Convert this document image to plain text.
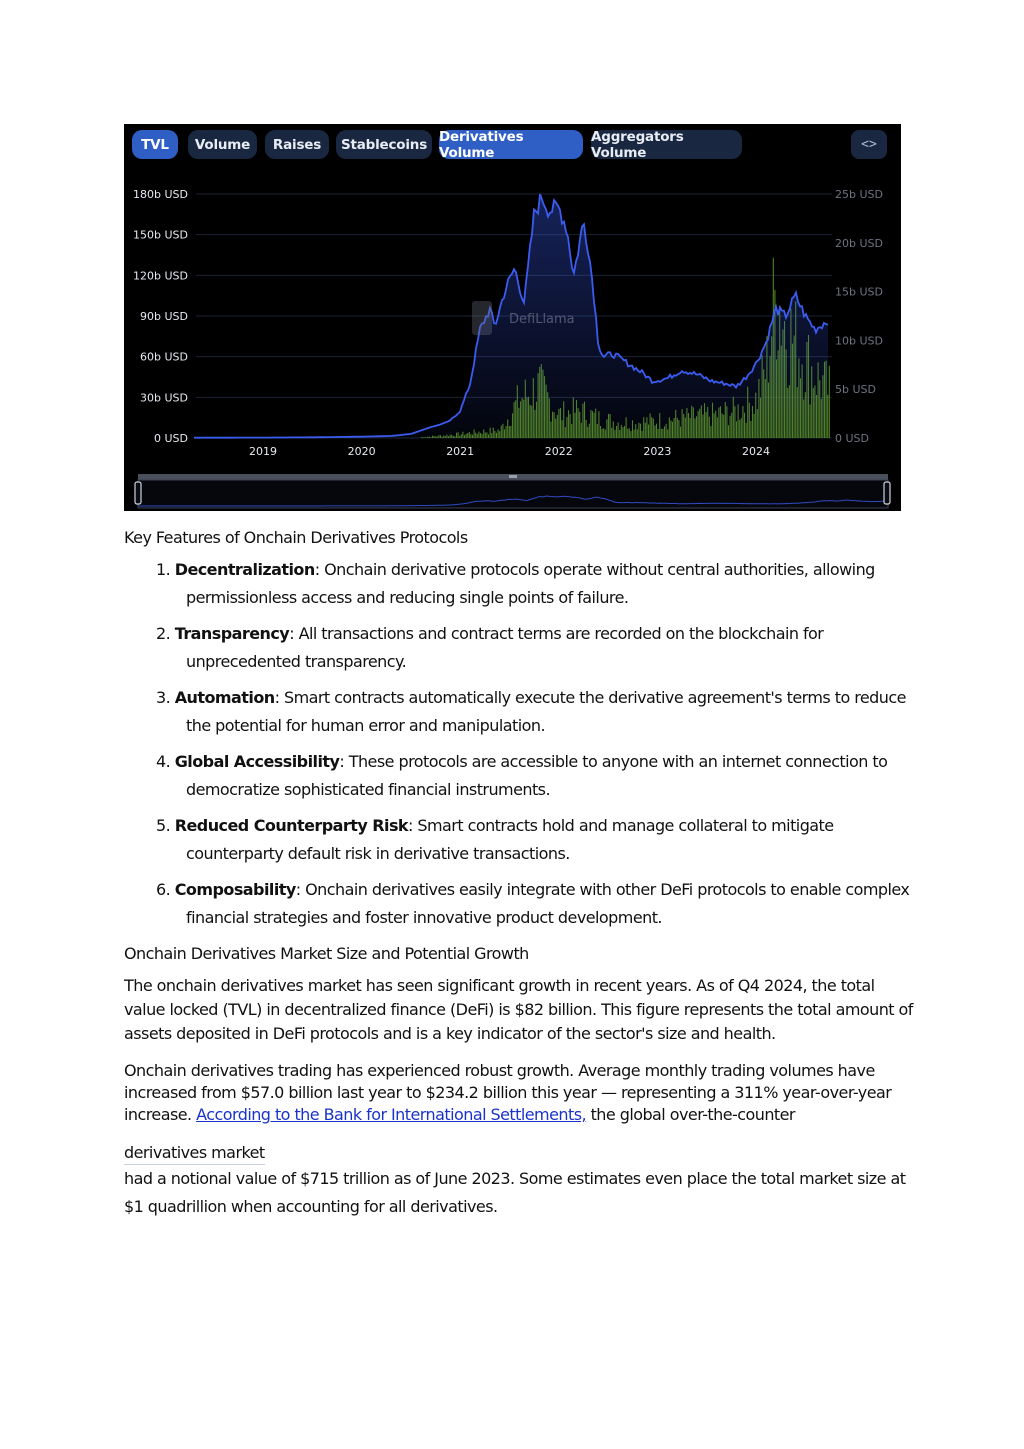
TVL	Volume	Raises	Stablecoins Derivatives Volume
Aggregators Volume	<>
180b USD
150b USD
120b USD
90b USD
60b USD
30b USD
0 USD
25b USD
20b USD
15b USD
10b USD
5b USD
0 USD
2019	2020	2021	2022	2023	2024
DefiLlama

Key Features of Onchain Derivatives Protocols

1. Decentralization: Onchain derivative protocols operate without central authorities, allowing permissionless access and reducing single points of failure.
2. Transparency: All transactions and contract terms are recorded on the blockchain for unprecedented transparency.
3. Automation: Smart contracts automatically execute the derivative agreement's terms to reduce the potential for human error and manipulation.
4. Global Accessibility: These protocols are accessible to anyone with an internet connection to democratize sophisticated financial instruments.
5. Reduced Counterparty Risk: Smart contracts hold and manage collateral to mitigate counterparty default risk in derivative transactions.
6. Composability: Onchain derivatives easily integrate with other DeFi protocols to enable complex financial strategies and foster innovative product development.

Onchain Derivatives Market Size and Potential Growth

The onchain derivatives market has seen significant growth in recent years. As of Q4 2024, the total value locked (TVL) in decentralized finance (DeFi) is $82 billion. This figure represents the total amount of assets deposited in DeFi protocols and is a key indicator of the sector's size and health.

Onchain derivatives trading has experienced robust growth. Average monthly trading volumes have increased from $57.0 billion last year to $234.2 billion this year — representing a 311% year-over-year increase. According to the Bank for International Settlements, the global over-the-counter derivatives market
had a notional value of $715 trillion as of June 2023. Some estimates even place the total market size at $1 quadrillion when accounting for all derivatives.
